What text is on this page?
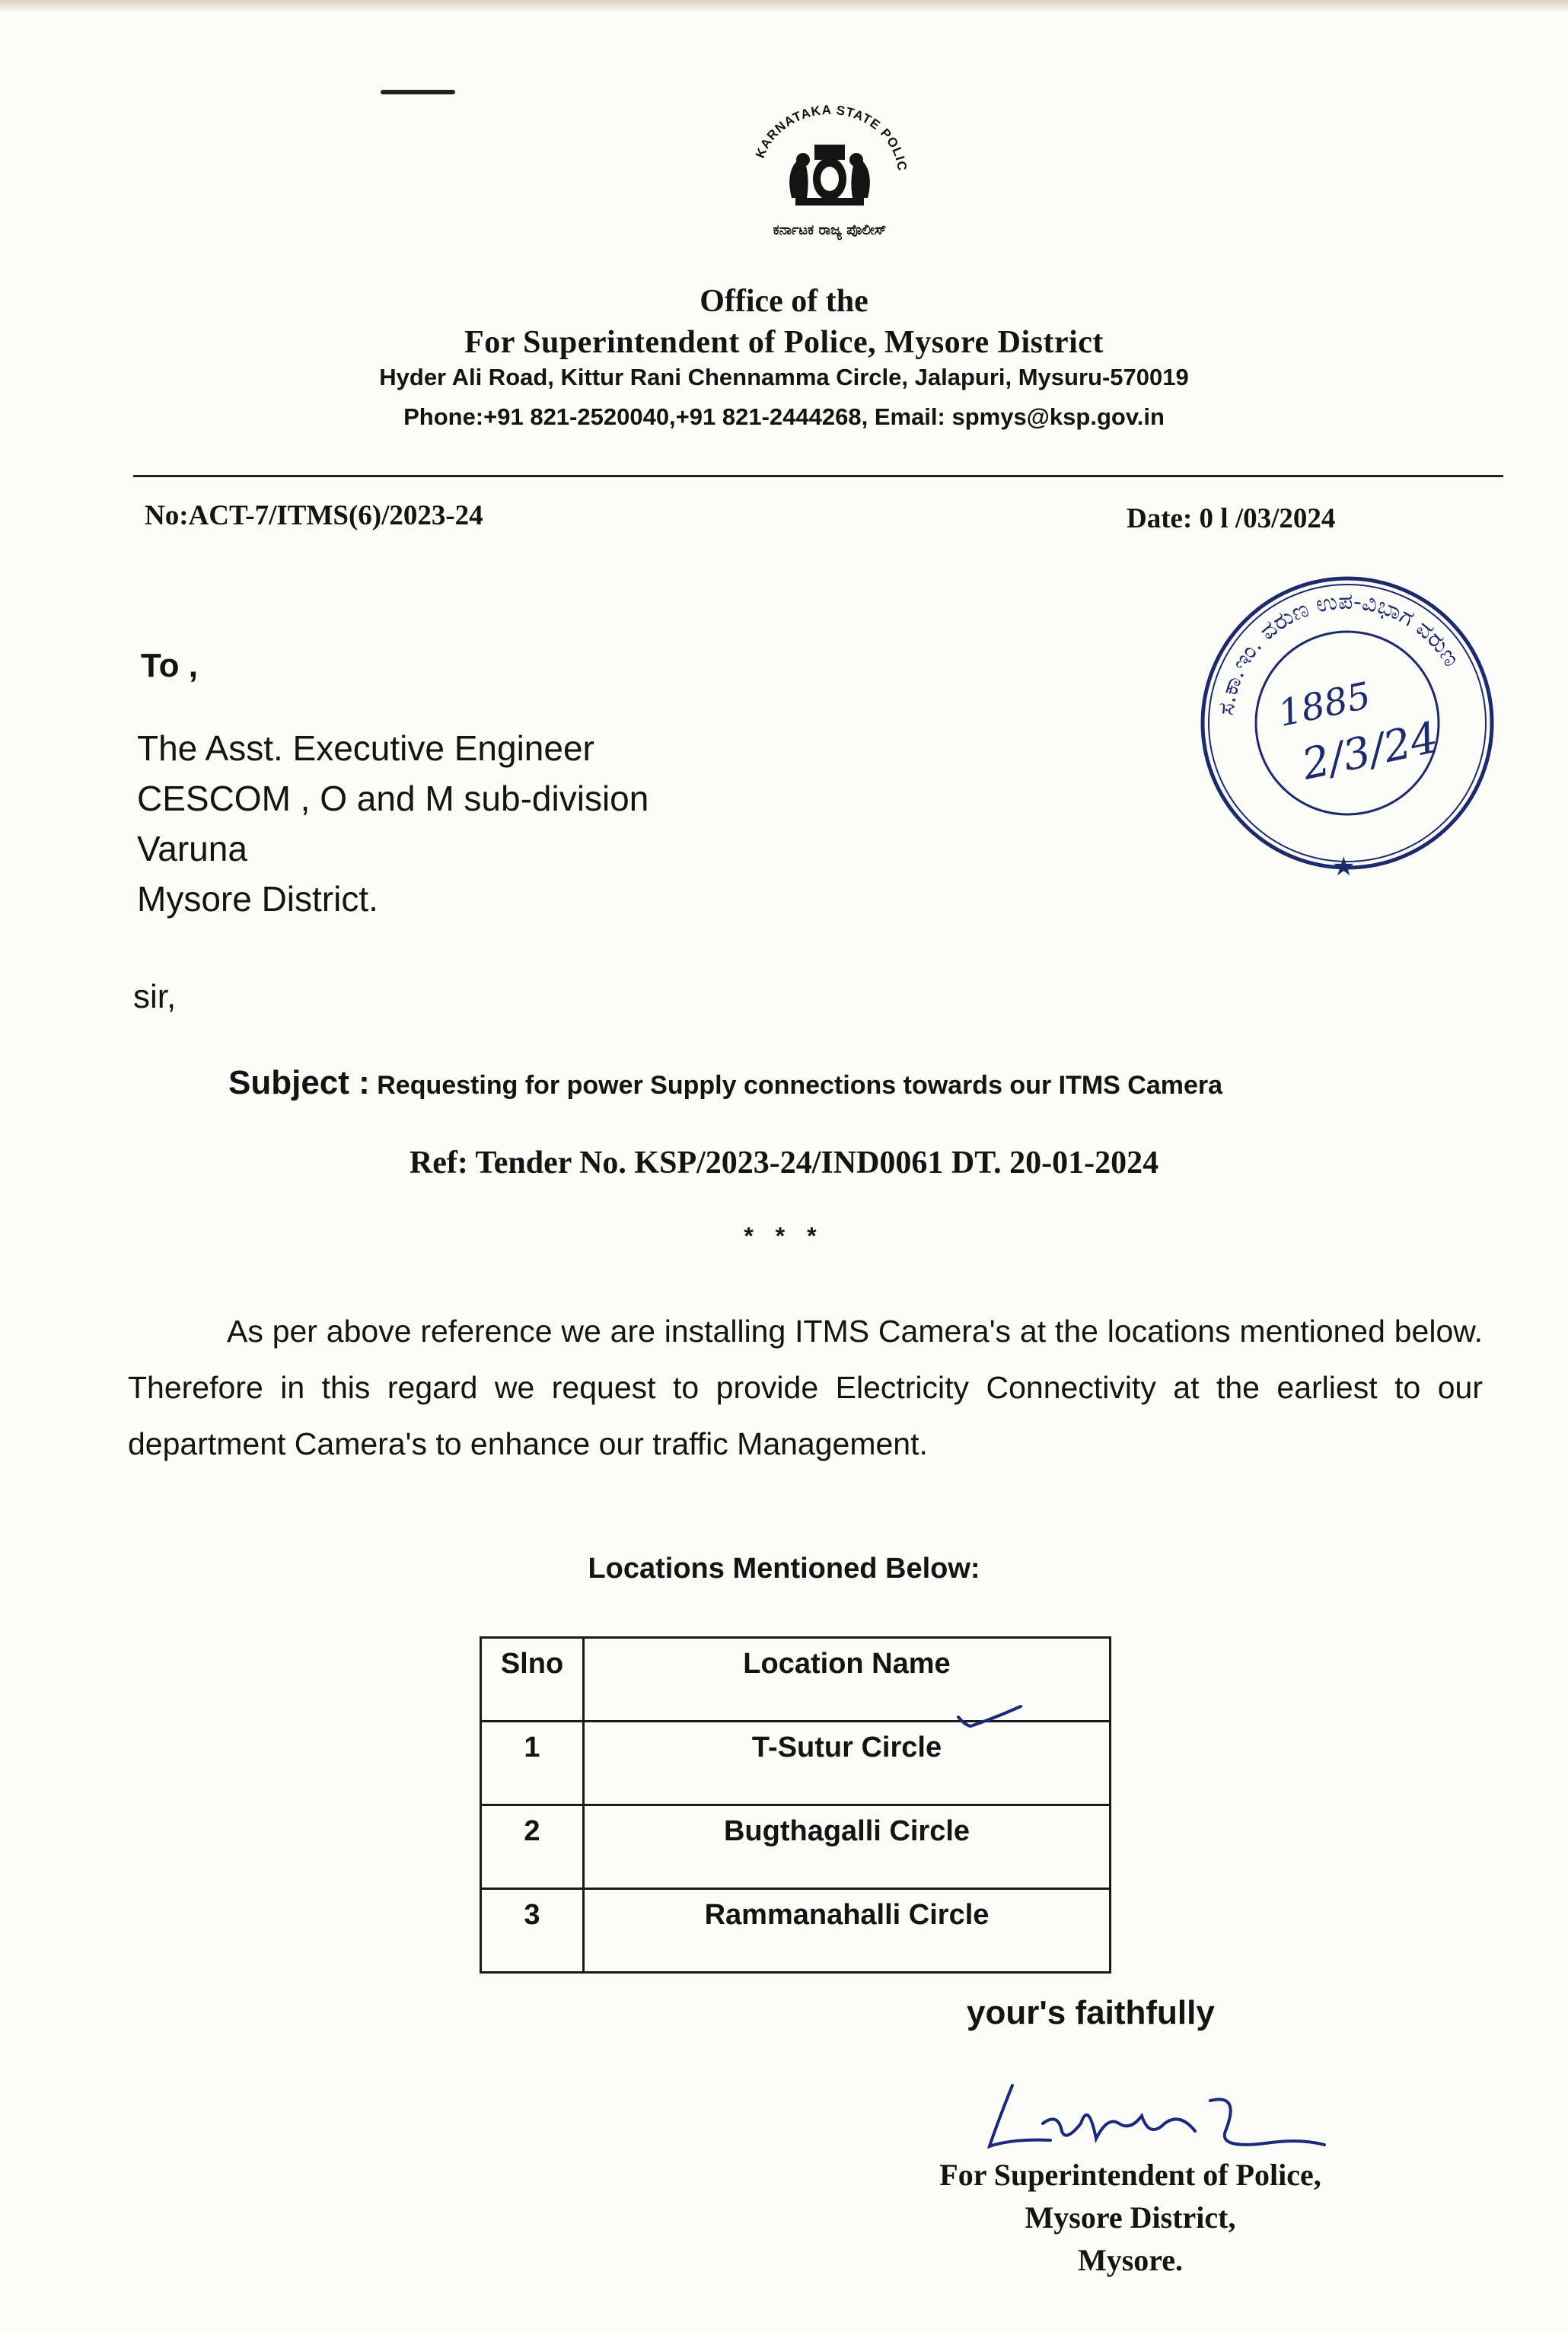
KARNATAKA STATE POLIC
ಕರ್ನಾಟಕ ರಾಜ್ಯ ಪೊಲೀಸ್
Office of the
For Superintendent of Police, Mysore District
Hyder Ali Road, Kittur Rani Chennamma Circle, Jalapuri, Mysuru-570019
Phone:+91 821-2520040,+91 821-2444268, Email: spmys@ksp.gov.in
No:ACT-7/ITMS(6)/2023-24	Date: 0 l /03/2024
ಸ.ಕಾ.ಇಂ. ವರುಣ ಉಪ-ವಿಭಾಗ ವರುಣ
★
1885
2/3/24
To ,
The Asst. Executive Engineer
CESCOM , O and M sub-division
Varuna
Mysore District.
sir,
Subject : Requesting for power Supply connections towards our ITMS Camera
Ref: Tender No. KSP/2023-24/IND0061 DT. 20-01-2024
* * *
As per above reference we are installing ITMS Camera's at the locations mentioned below. Therefore in this regard we request to provide Electricity Connectivity at the earliest to our department Camera's to enhance our traffic Management.
Locations Mentioned Below:
Slno	Location Name
1	T-Sutur Circle
2	Bugthagalli Circle
3	Rammanahalli Circle
your's faithfully
For Superintendent of Police,
Mysore District,
Mysore.
